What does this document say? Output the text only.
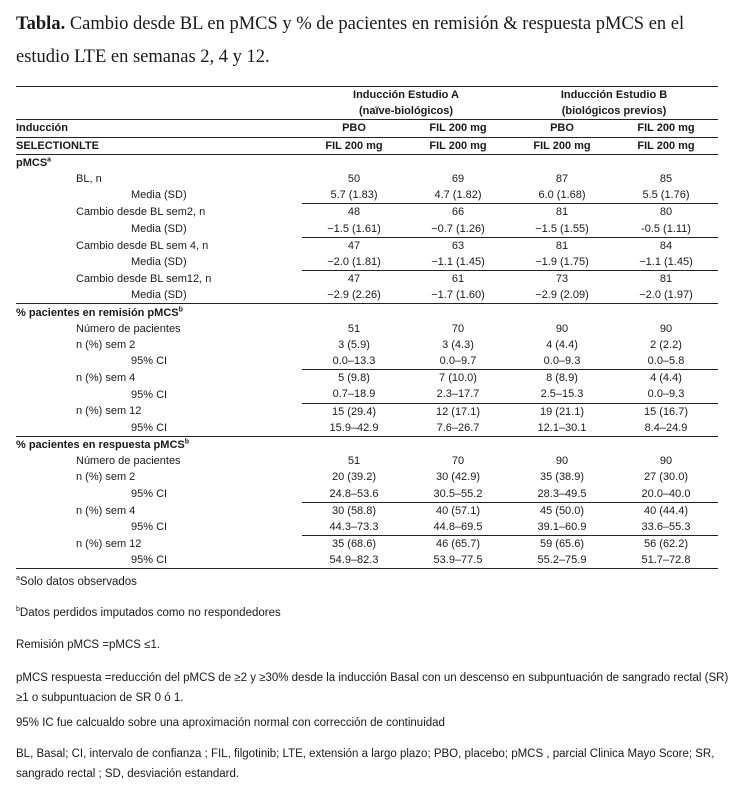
Tabla. Cambio desde BL en pMCS y % de pacientes en remisión & respuesta pMCS en el estudio LTE en semanas 2, 4 y 12.
	Inducción Estudio A		Inducción Estudio B	
	(naïve-biológicos)		(biológicos previos)	
Inducción	PBO	FIL 200 mg	PBO	FIL 200 mg
SELECTIONLTE	FIL 200 mg	FIL 200 mg	FIL 200 mg	FIL 200 mg
pMCS$^a$
BL, n	50	69	87	85
Media (SD)	5.7 (1.83)	4.7 (1.82)	6.0 (1.68)	5.5 (1.76)
Cambio desde BL sem2, n	48	66	81	80
Media (SD)	−1.5 (1.61)	−0.7 (1.26)	−1.5 (1.55)	-0.5 (1.11)
Cambio desde BL sem 4, n	47	63	81	84
Media (SD)	−2.0 (1.81)	−1.1 (1.45)	−1.9 (1.75)	−1.1 (1.45)
Cambio desde BL sem12, n	47	61	73	81
Media (SD)	−2.9 (2.26)	−1.7 (1.60)	−2.9 (2.09)	−2.0 (1.97)
% pacientes en remisión pMCS$^b$
Número de pacientes	51	70	90	90
n (%) sem 2	3 (5.9)	3 (4.3)	4 (4.4)	2 (2.2)
95% CI	0.0–13.3	0.0–9.7	0.0–9.3	0.0–5.8
n (%) sem 4	5 (9.8)	7 (10.0)	8 (8.9)	4 (4.4)
95% CI	0.7–18.9	2.3–17.7	2.5–15.3	0.0–9.3
n (%) sem 12	15 (29.4)	12 (17.1)	19 (21.1)	15 (16.7)
95% CI	15.9–42.9	7.6–26.7	12.1–30.1	8.4–24.9
% pacientes en respuesta pMCS$^b$
Número de pacientes	51	70	90	90
n (%) sem 2	20 (39.2)	30 (42.9)	35 (38.9)	27 (30.0)
95% CI	24.8–53.6	30.5–55.2	28.3–49.5	20.0–40.0
n (%) sem 4	30 (58.8)	40 (57.1)	45 (50.0)	40 (44.4)
95% CI	44.3–73.3	44.8–69.5	39.1–60.9	33.6–55.3
n (%) sem 12	35 (68.6)	46 (65.7)	59 (65.6)	56 (62.2)
95% CI	54.9–82.3	53.9–77.5	55.2–75.9	51.7–72.8
$^a$Solo datos observados
$^b$Datos perdidos imputados como no respondedores
Remisión pMCS =pMCS ≤1.
pMCS respuesta =reducción del pMCS de ≥2 y ≥30% desde la inducción Basal con un descenso en subpuntuación de sangrado rectal (SR) ≥1 o subpuntuacion de SR 0 ó 1.
95% IC fue calcualdo sobre una aproximación normal con corrección de continuidad
BL, Basal; CI, intervalo de confianza ; FIL, filgotinib; LTE, extensión a largo plazo; PBO, placebo; pMCS , parcial Clinica Mayo Score; SR, sangrado rectal ; SD, desviación estandard.
